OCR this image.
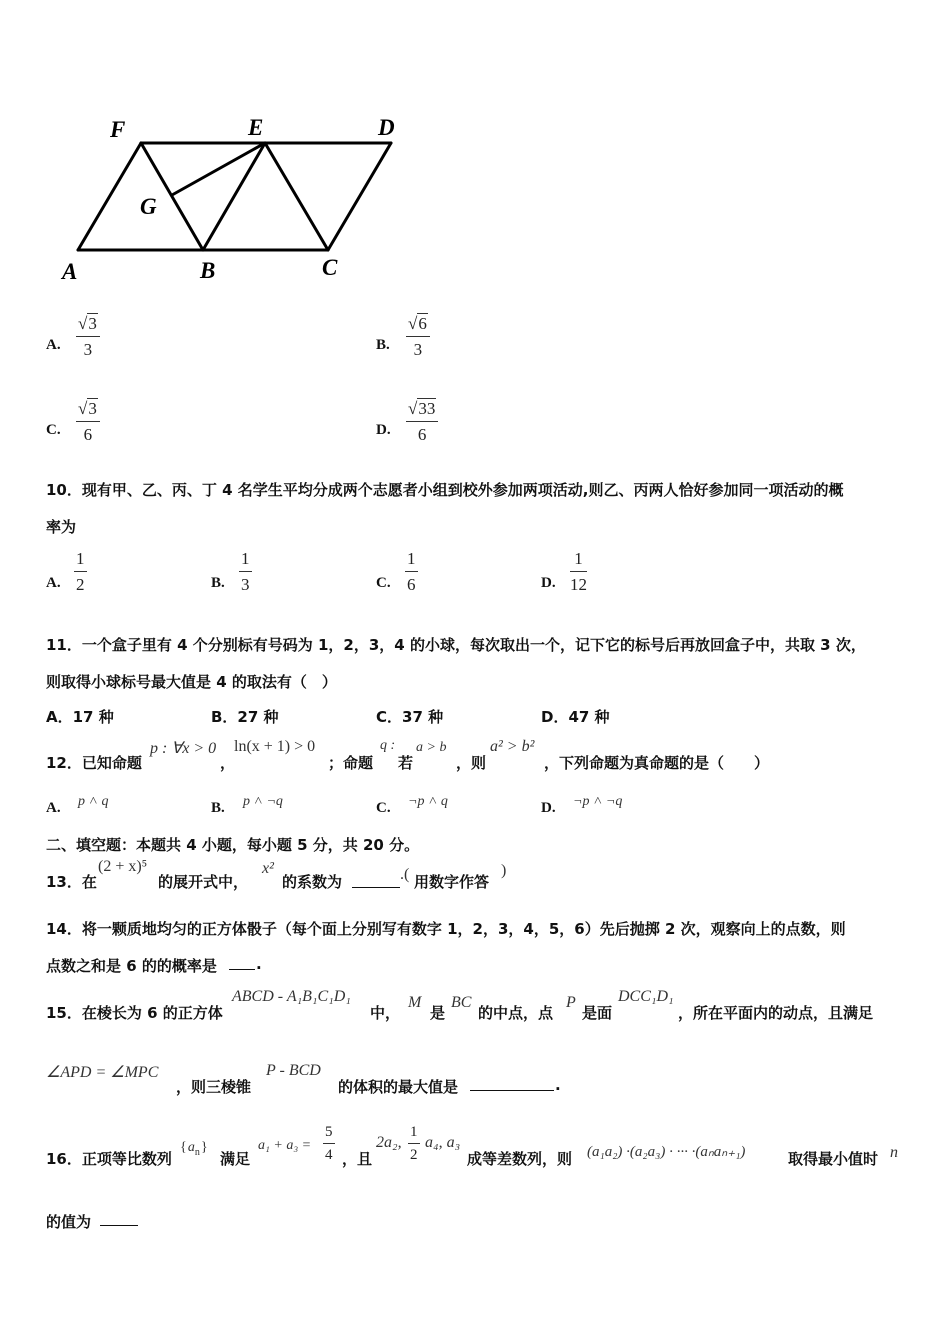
F	E	D
G
A	B	C
A. $\frac{√3}{3}$	B. $\frac{√6}{3}$
C. $\frac{√3}{6}$	D. $\frac{√33}{6}$
10．现有甲、乙、丙、丁 4 名学生平均分成两个志愿者小组到校外参加两项活动,则乙、丙两人恰好参加同一项活动的概
率为
A. $\frac{1}{2}$	B. $\frac{1}{3}$	C. $\frac{1}{6}$	D. $\frac{1}{12}$
11．一个盒子里有 4 个分别标有号码为 1，2，3，4 的小球，每次取出一个，记下它的标号后再放回盒子中，共取 3 次，
则取得小球标号最大值是 4 的取法有（　）
A．17 种	B．27 种	C．37 种	D．47 种
12．已知命题
p : ∀x > 0
，
ln(x + 1) > 0
；命题
q :
若
a > b
，则
a² > b²
，下列命题为真命题的是（　　）
A. p ˄ q	B. p ˄ ¬q	C. ¬p ˄ q	D. ¬p ˄ ¬q
二、填空题：本题共 4 小题，每小题 5 分，共 20 分。
13．在
(2 + x)⁵
的展开式中，
x²
的系数为	.( 用数字作答
)
14．将一颗质地均匀的正方体骰子（每个面上分别写有数字 1，2，3，4，5，6）先后抛掷 2 次，观察向上的点数，则
点数之和是 6 的的概率是	.
15．在棱长为 6 的正方体
ABCD - A₁B₁C₁D₁
中，
M
是
BC
的中点，点
P
是面
DCC₁D₁
，所在平面内的动点，且满足
∠APD = ∠MPC
，则三棱锥
P - BCD
的体积的最大值是	.
16．正项等比数列
{ $a_n$ }
满足
$a_1 + a_3 = \frac{5}{4}$ ，且
2a₂, $\frac{1}{2} a_4$, a₃
成等差数列，则 (a₁a₂) ·(a₂a₃) · ··· ·(aₙaₙ₊₁)	取得最小值时 n
的值为
